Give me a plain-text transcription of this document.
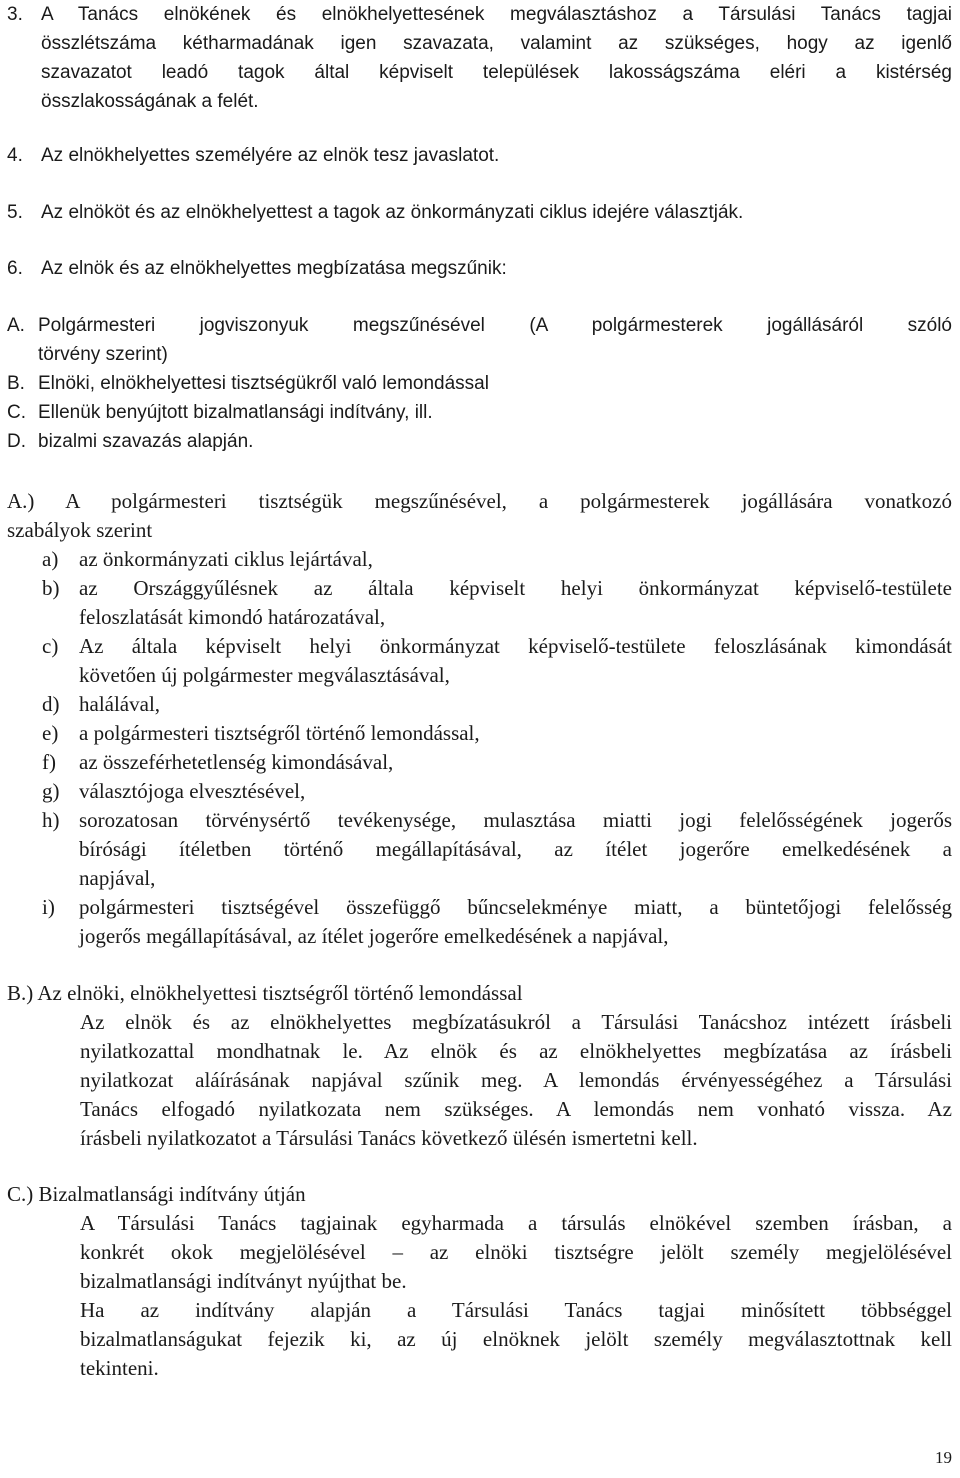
3. A Tanács elnökének és elnökhelyettesének megválasztáshoz a Társulási Tanács tagjai
összlétszáma kétharmadának igen szavazata, valamint az szükséges, hogy az igenlő
szavazatot leadó tagok által képviselt települések lakosságszáma eléri a kistérség
összlakosságának a felét.
4. Az elnökhelyettes személyére az elnök tesz javaslatot.
5. Az elnököt és az elnökhelyettest a tagok az önkormányzati ciklus idejére választják.
6. Az elnök és az elnökhelyettes megbízatása megszűnik:
A. Polgármesteri jogviszonyuk megszűnésével (A polgármesterek jogállásáról szóló
törvény szerint)
B. Elnöki, elnökhelyettesi tisztségükről való lemondással
C. Ellenük benyújtott bizalmatlansági indítvány, ill.
D. bizalmi szavazás alapján.
A.) A polgármesteri tisztségük megszűnésével, a polgármesterek jogállására vonatkozó
szabályok szerint
a) az önkormányzati ciklus lejártával,
b) az Országgyűlésnek az általa képviselt helyi önkormányzat képviselő-testülete
feloszlatását kimondó határozatával,
c) Az általa képviselt helyi önkormányzat képviselő-testülete feloszlásának kimondását
követően új polgármester megválasztásával,
d) halálával,
e) a polgármesteri tisztségről történő lemondással,
f) az összeférhetetlenség kimondásával,
g) választójoga elvesztésével,
h) sorozatosan törvénysértő tevékenysége, mulasztása miatti jogi felelősségének jogerős
bírósági ítéletben történő megállapításával, az ítélet jogerőre emelkedésének a
napjával,
i) polgármesteri tisztségével összefüggő bűncselekménye miatt, a büntetőjogi felelősség
jogerős megállapításával, az ítélet jogerőre emelkedésének a napjával,
B.) Az elnöki, elnökhelyettesi tisztségről történő lemondással
Az elnök és az elnökhelyettes megbízatásukról a Társulási Tanácshoz intézett írásbeli
nyilatkozattal mondhatnak le. Az elnök és az elnökhelyettes megbízatása az írásbeli
nyilatkozat aláírásának napjával szűnik meg. A lemondás érvényességéhez a Társulási
Tanács elfogadó nyilatkozata nem szükséges. A lemondás nem vonható vissza. Az
írásbeli nyilatkozatot a Társulási Tanács következő ülésén ismertetni kell.
C.) Bizalmatlansági indítvány útján
A Társulási Tanács tagjainak egyharmada a társulás elnökével szemben írásban, a
konkrét okok megjelölésével – az elnöki tisztségre jelölt személy megjelölésével
bizalmatlansági indítványt nyújthat be.
Ha az indítvány alapján a Társulási Tanács tagjai minősített többséggel
bizalmatlanságukat fejezik ki, az új elnöknek jelölt személy megválasztottnak kell
tekinteni.
19
